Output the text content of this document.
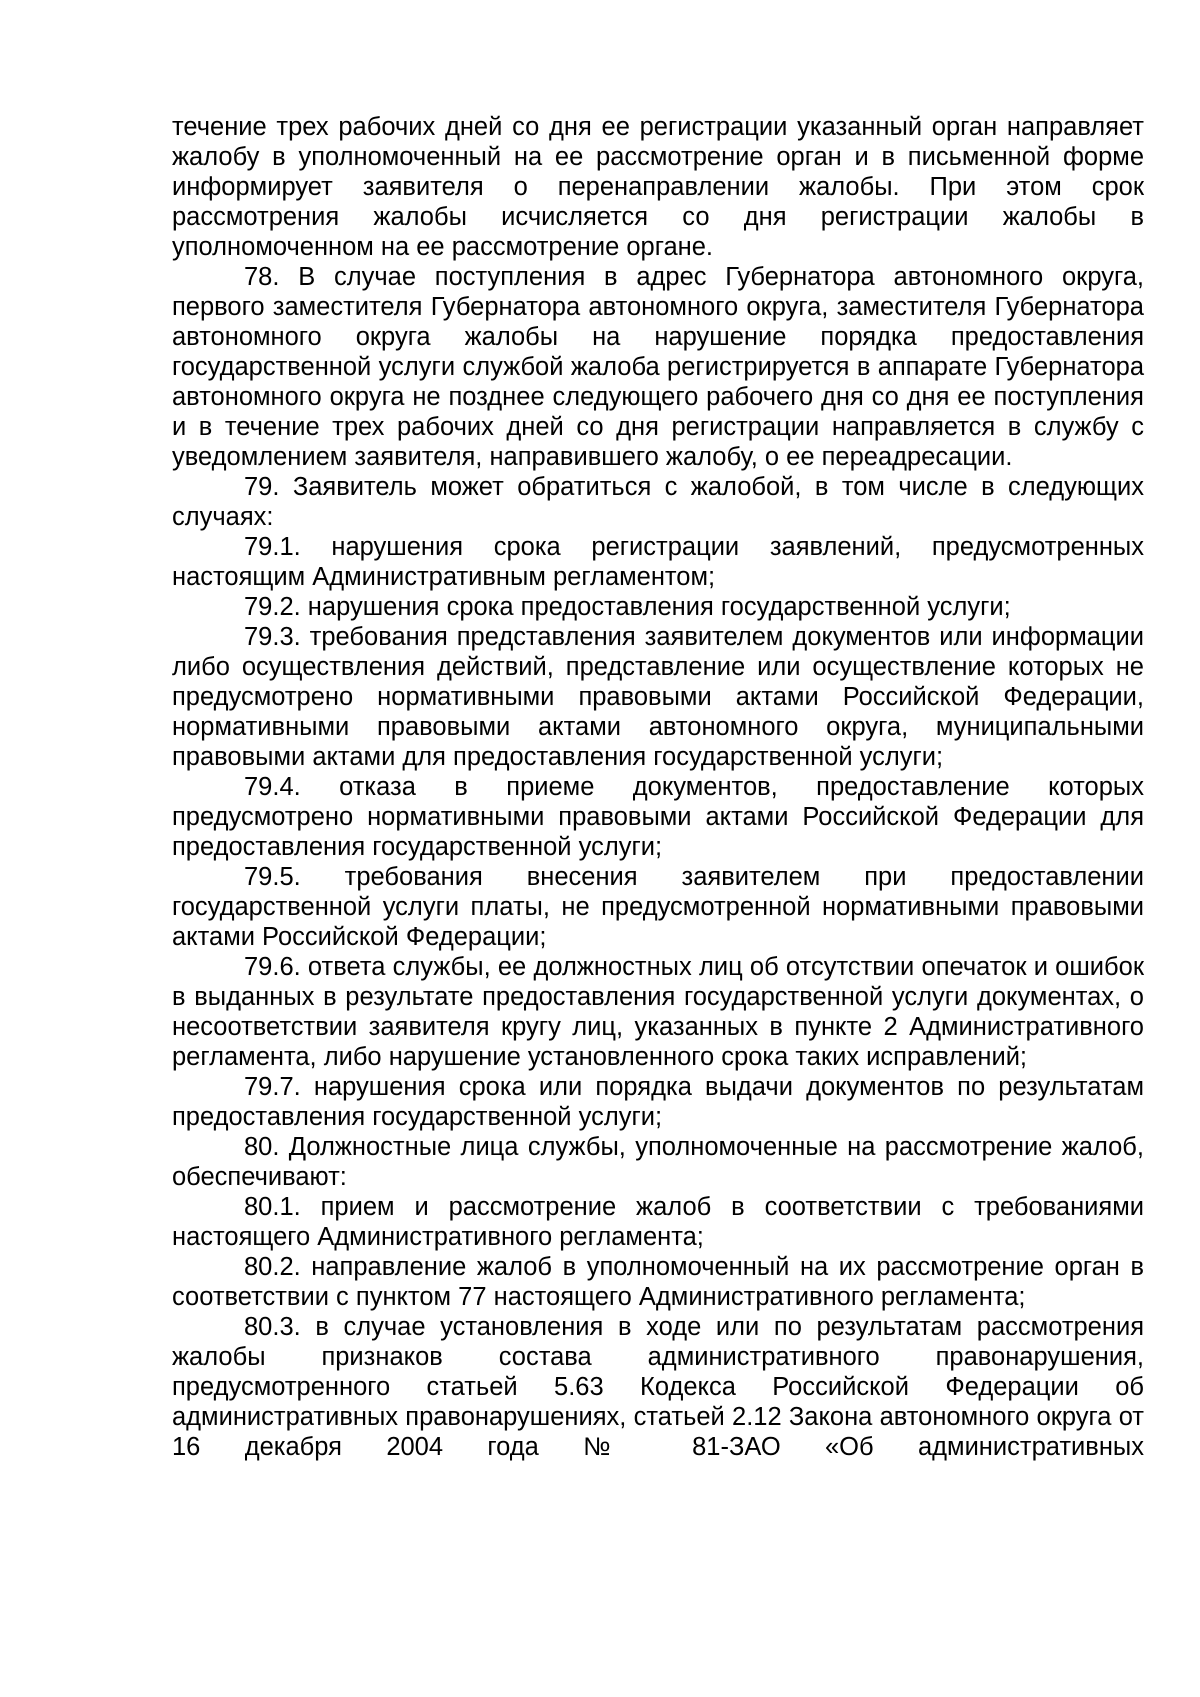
течение трех рабочих дней со дня ее регистрации указанный орган направляет жалобу в уполномоченный на ее рассмотрение орган и в письменной форме информирует заявителя о перенаправлении жалобы. При этом срок рассмотрения жалобы исчисляется со дня регистрации жалобы в уполномоченном на ее рассмотрение органе.

78. В случае поступления в адрес Губернатора автономного округа, первого заместителя Губернатора автономного округа, заместителя Губернатора автономного округа жалобы на нарушение порядка предоставления государственной услуги службой жалоба регистрируется в аппарате Губернатора автономного округа не позднее следующего рабочего дня со дня ее поступления и в течение трех рабочих дней со дня регистрации направляется в службу с уведомлением заявителя, направившего жалобу, о ее переадресации.

79. Заявитель может обратиться с жалобой, в том числе в следующих случаях:

79.1. нарушения срока регистрации заявлений, предусмотренных настоящим Административным регламентом;

79.2. нарушения срока предоставления государственной услуги;

79.3. требования представления заявителем документов или информации либо осуществления действий, представление или осуществление которых не предусмотрено нормативными правовыми актами Российской Федерации, нормативными правовыми актами автономного округа, муниципальными правовыми актами для предоставления государственной услуги;

79.4. отказа в приеме документов, предоставление которых предусмотрено нормативными правовыми актами Российской Федерации для предоставления государственной услуги;

79.5. требования внесения заявителем при предоставлении государственной услуги платы, не предусмотренной нормативными правовыми актами Российской Федерации;

79.6. ответа службы, ее должностных лиц об отсутствии опечаток и ошибок в выданных в результате предоставления государственной услуги документах, о несоответствии заявителя кругу лиц, указанных в пункте 2 Административного регламента, либо нарушение установленного срока таких исправлений;

79.7. нарушения срока или порядка выдачи документов по результатам предоставления государственной услуги;

80. Должностные лица службы, уполномоченные на рассмотрение жалоб, обеспечивают:

80.1. прием и рассмотрение жалоб в соответствии с требованиями настоящего Административного регламента;

80.2. направление жалоб в уполномоченный на их рассмотрение орган в соответствии с пунктом 77 настоящего Административного регламента;

80.3. в случае установления в ходе или по результатам рассмотрения жалобы признаков состава административного правонарушения, предусмотренного статьей 5.63 Кодекса Российской Федерации об административных правонарушениях, статьей 2.12 Закона автономного округа от 16 декабря 2004 года № 81-ЗАО «Об административных
